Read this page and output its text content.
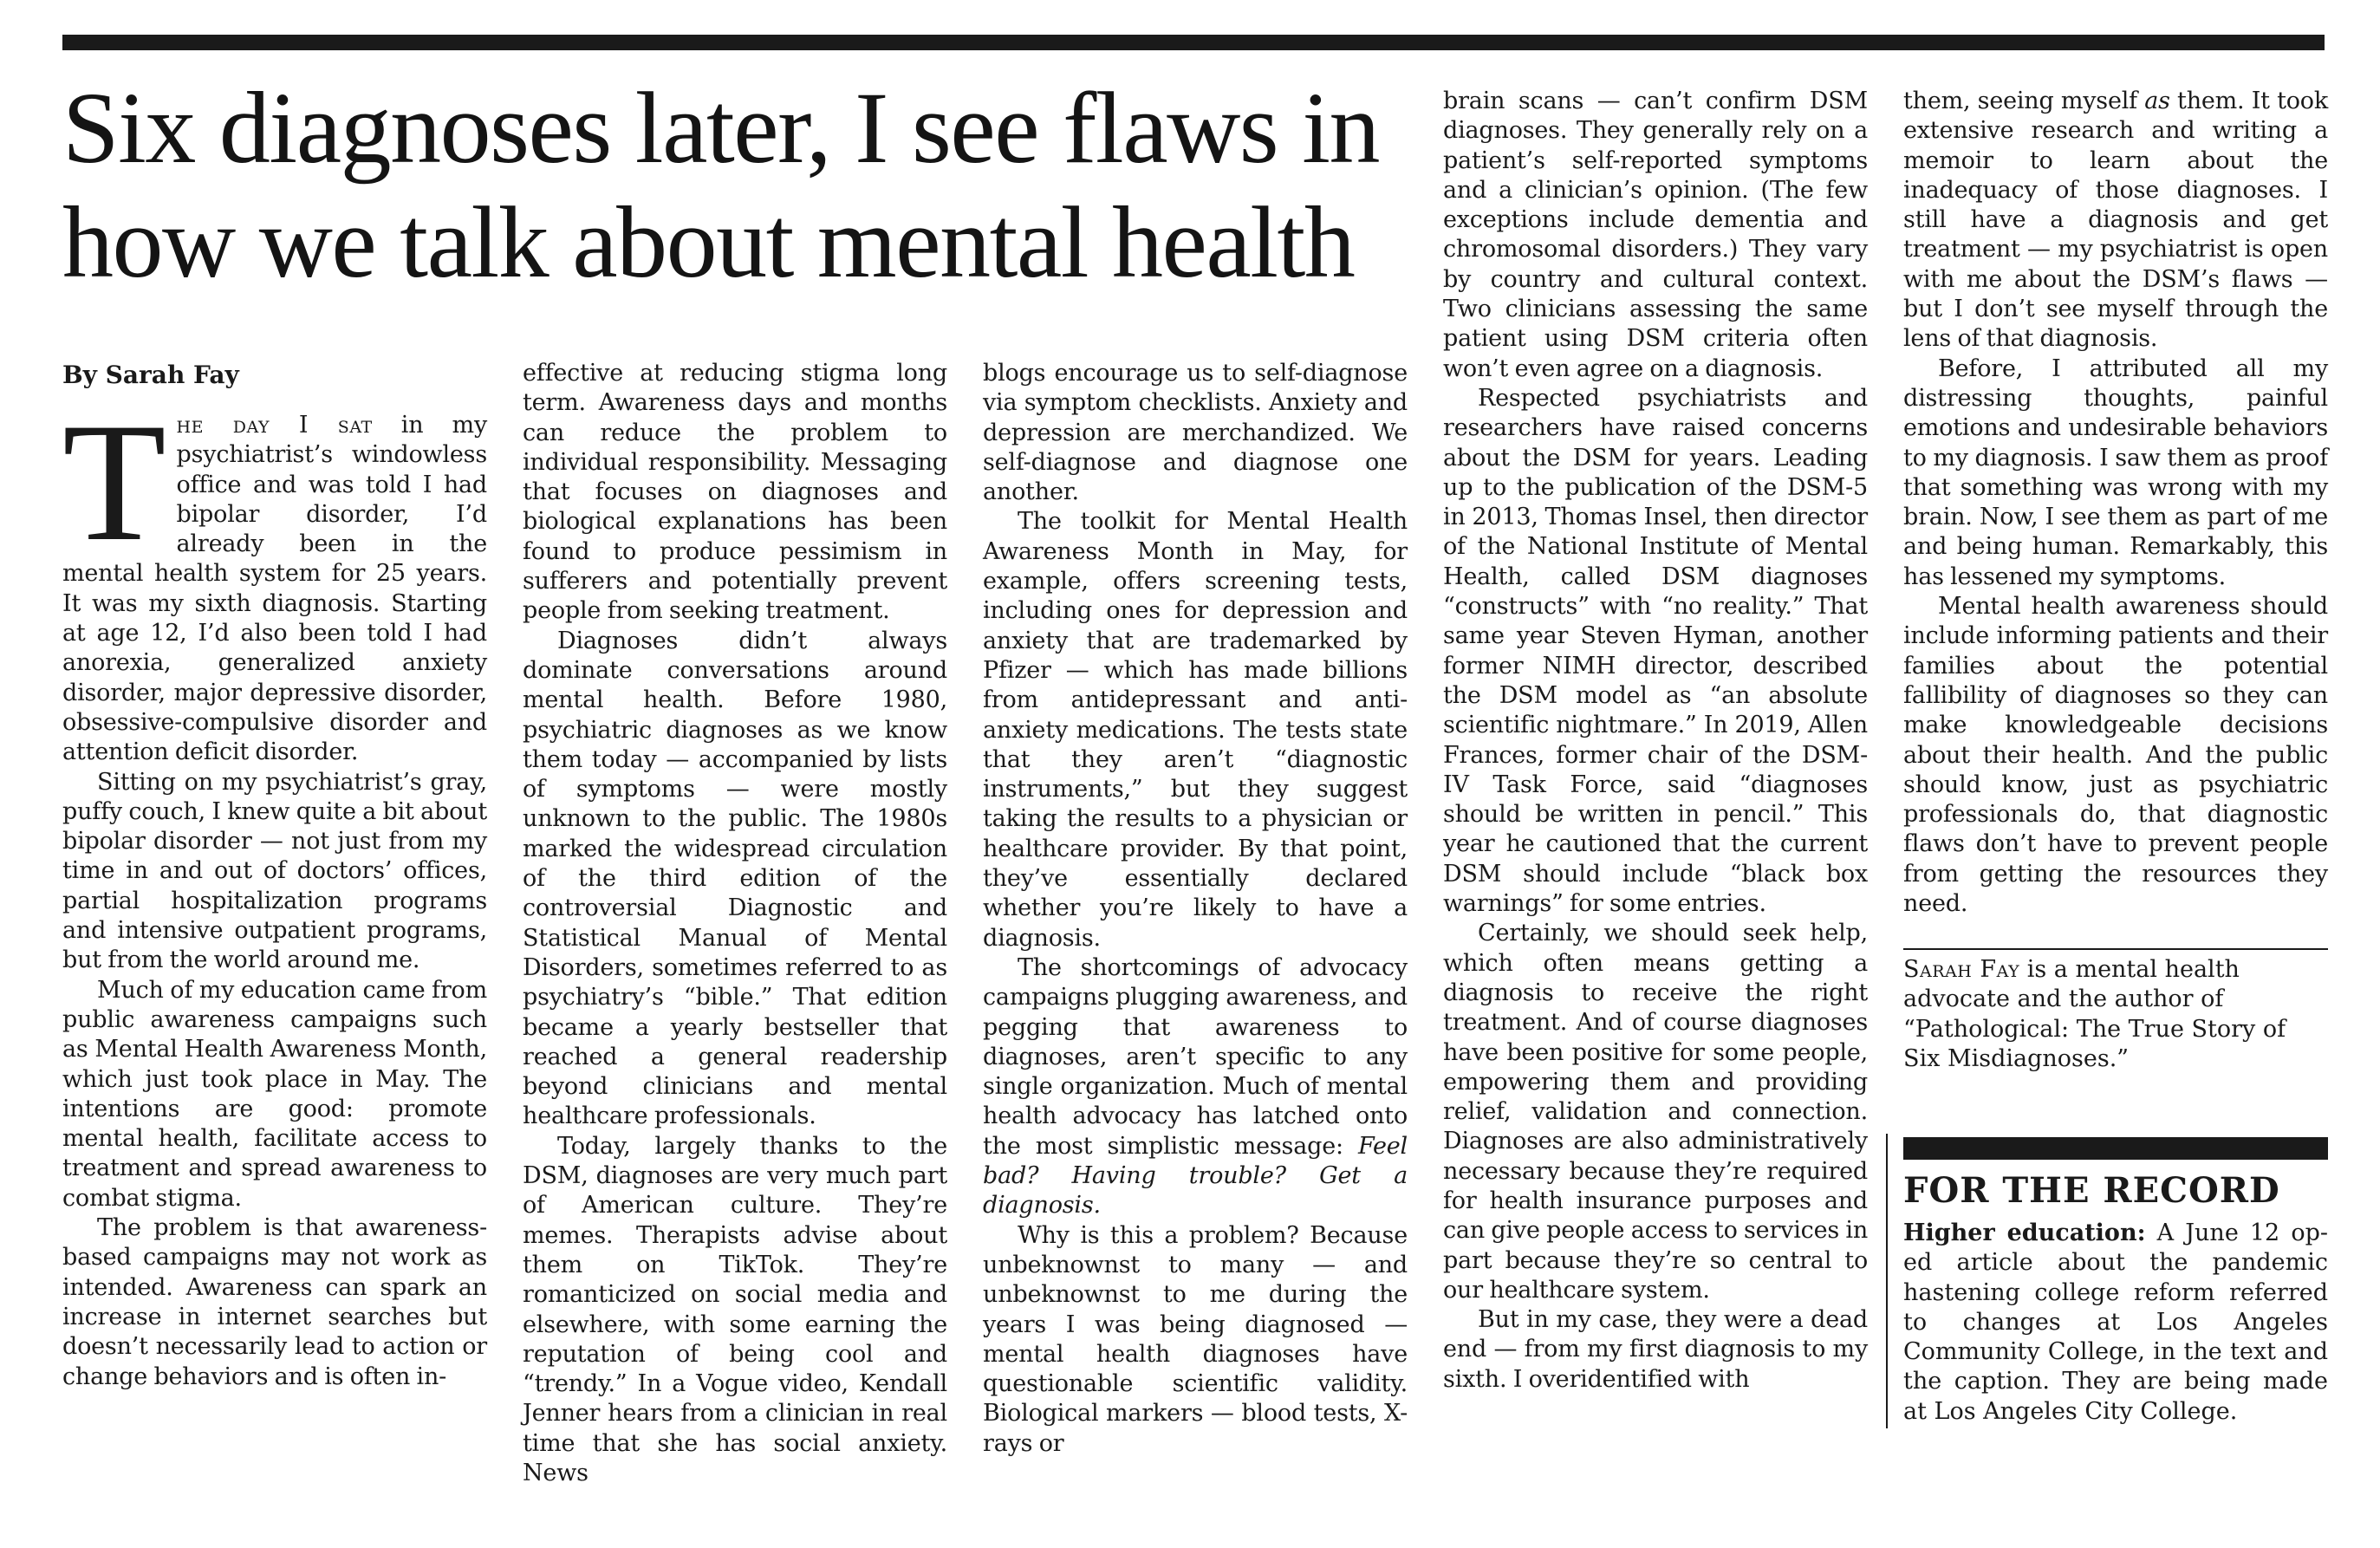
Six diagnoses later, I see flaws in how we talk about mental health
By Sarah Fay

The day I sat in my psychiatrist’s windowless office and was told I had bipolar disorder, I’d already been in the mental health system for 25 years. It was my sixth diagnosis. Starting at age 12, I’d also been told I had anorexia, generalized anxiety disorder, major depressive disorder, obsessive-compulsive disorder and attention deficit disorder.

Sitting on my psychiatrist’s gray, puffy couch, I knew quite a bit about bipolar disorder — not just from my time in and out of doctors’ offices, partial hospitalization programs and intensive outpatient programs, but from the world around me.

Much of my education came from public awareness campaigns such as Mental Health Awareness Month, which just took place in May. The intentions are good: promote mental health, facilitate access to treatment and spread awareness to combat stigma.

The problem is that awareness-based campaigns may not work as intended. Awareness can spark an increase in internet searches but doesn’t necessarily lead to action or change behaviors and is often in-

effective at reducing stigma long term. Awareness days and months can reduce the problem to individual responsibility. Messaging that focuses on diagnoses and biological explanations has been found to produce pessimism in sufferers and potentially prevent people from seeking treatment.

Diagnoses didn’t always dominate conversations around mental health. Before 1980, psychiatric diagnoses as we know them today — accompanied by lists of symptoms — were mostly unknown to the public. The 1980s marked the widespread circulation of the third edition of the controversial Diagnostic and Statistical Manual of Mental Disorders, sometimes referred to as psychiatry’s “bible.” That edition became a yearly bestseller that reached a general readership beyond clinicians and mental healthcare professionals.

Today, largely thanks to the DSM, diagnoses are very much part of American culture. They’re memes. Therapists advise about them on TikTok. They’re romanticized on social media and elsewhere, with some earning the reputation of being cool and “trendy.” In a Vogue video, Kendall Jenner hears from a clinician in real time that she has social anxiety. News

blogs encourage us to self-diagnose via symptom checklists. Anxiety and depression are merchandized. We self-diagnose and diagnose one another.

The toolkit for Mental Health Awareness Month in May, for example, offers screening tests, including ones for depression and anxiety that are trademarked by Pfizer — which has made billions from antidepressant and anti-anxiety medications. The tests state that they aren’t “diagnostic instruments,” but they suggest taking the results to a physician or healthcare provider. By that point, they’ve essentially declared whether you’re likely to have a diagnosis.

The shortcomings of advocacy campaigns plugging awareness, and pegging that awareness to diagnoses, aren’t specific to any single organization. Much of mental health advocacy has latched onto the most simplistic message: Feel bad? Having trouble? Get a diagnosis.

Why is this a problem? Because unbeknownst to many — and unbeknownst to me during the years I was being diagnosed — mental health diagnoses have questionable scientific validity. Biological markers — blood tests, X-rays or

brain scans — can’t confirm DSM diagnoses. They generally rely on a patient’s self-reported symptoms and a clinician’s opinion. (The few exceptions include dementia and chromosomal disorders.) They vary by country and cultural context. Two clinicians assessing the same patient using DSM criteria often won’t even agree on a diagnosis.

Respected psychiatrists and researchers have raised concerns about the DSM for years. Leading up to the publication of the DSM-5 in 2013, Thomas Insel, then director of the National Institute of Mental Health, called DSM diagnoses “constructs” with “no reality.” That same year Steven Hyman, another former NIMH director, described the DSM model as “an absolute scientific nightmare.” In 2019, Allen Frances, former chair of the DSM-IV Task Force, said “diagnoses should be written in pencil.” This year he cautioned that the current DSM should include “black box warnings” for some entries.

Certainly, we should seek help, which often means getting a diagnosis to receive the right treatment. And of course diagnoses have been positive for some people, empowering them and providing relief, validation and connection. Diagnoses are also administratively necessary because they’re required for health insurance purposes and can give people access to services in part because they’re so central to our healthcare system.

But in my case, they were a dead end — from my first diagnosis to my sixth. I overidentified with

them, seeing myself as them. It took extensive research and writing a memoir to learn about the inadequacy of those diagnoses. I still have a diagnosis and get treatment — my psychiatrist is open with me about the DSM’s flaws — but I don’t see myself through the lens of that diagnosis.

Before, I attributed all my distressing thoughts, painful emotions and undesirable behaviors to my diagnosis. I saw them as proof that something was wrong with my brain. Now, I see them as part of me and being human. Remarkably, this has lessened my symptoms.

Mental health awareness should include informing patients and their families about the potential fallibility of diagnoses so they can make knowledgeable decisions about their health. And the public should know, just as psychiatric professionals do, that diagnostic flaws don’t have to prevent people from getting the resources they need.

Sarah Fay is a mental health advocate and the author of “Pathological: The True Story of Six Misdiagnoses.”
FOR THE RECORD
Higher education: A June 12 op-ed article about the pandemic hastening college reform referred to changes at Los Angeles Community College, in the text and the caption. They are being made at Los Angeles City College.
